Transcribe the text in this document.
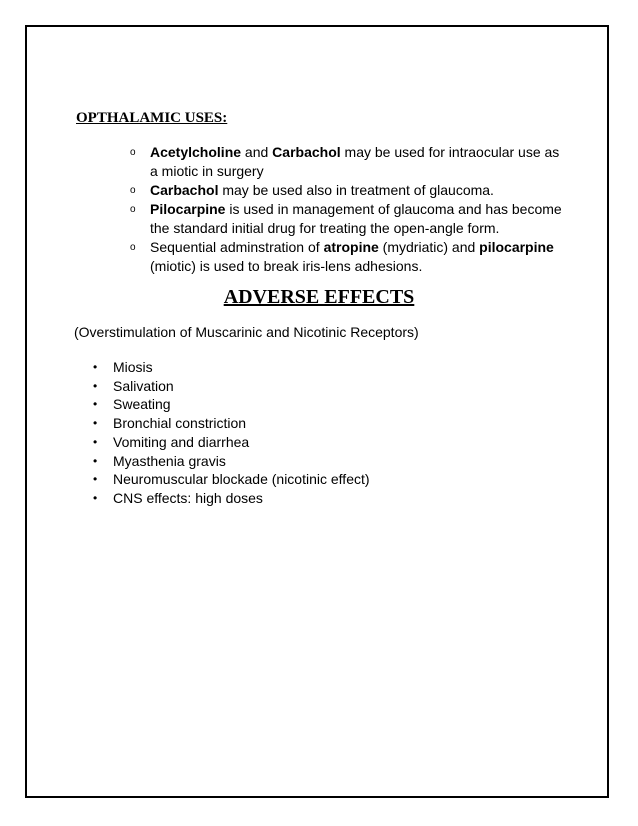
OPTHALAMIC USES:
o Acetylcholine and Carbachol may be used for intraocular use as a miotic in surgery
o Carbachol may be used also in treatment of glaucoma.
o Pilocarpine is used in management of glaucoma and has become the standard initial drug for treating the open-angle form.
o Sequential adminstration of atropine (mydriatic) and pilocarpine (miotic) is used to break iris-lens adhesions.
ADVERSE EFFECTS

(Overstimulation of Muscarinic and Nicotinic Receptors)

• Miosis
• Salivation
• Sweating
• Bronchial constriction
• Vomiting and diarrhea
• Myasthenia gravis
• Neuromuscular blockade (nicotinic effect)
• CNS effects: high doses
